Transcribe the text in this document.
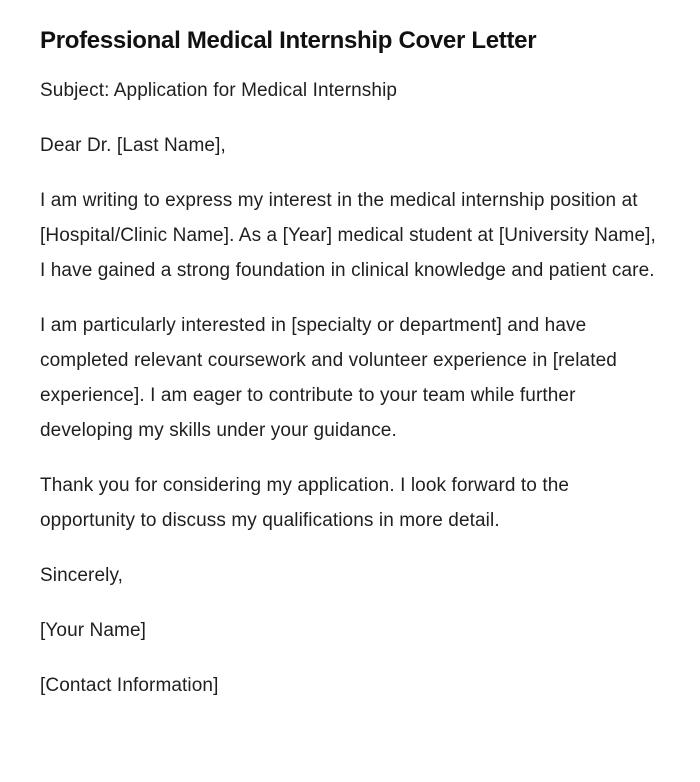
Professional Medical Internship Cover Letter

Subject: Application for Medical Internship

Dear Dr. [Last Name],

I am writing to express my interest in the medical internship position at [Hospital/Clinic Name]. As a [Year] medical student at [University Name], I have gained a strong foundation in clinical knowledge and patient care.

I am particularly interested in [specialty or department] and have completed relevant coursework and volunteer experience in [related experience]. I am eager to contribute to your team while further developing my skills under your guidance.

Thank you for considering my application. I look forward to the opportunity to discuss my qualifications in more detail.

Sincerely,

[Your Name]

[Contact Information]
